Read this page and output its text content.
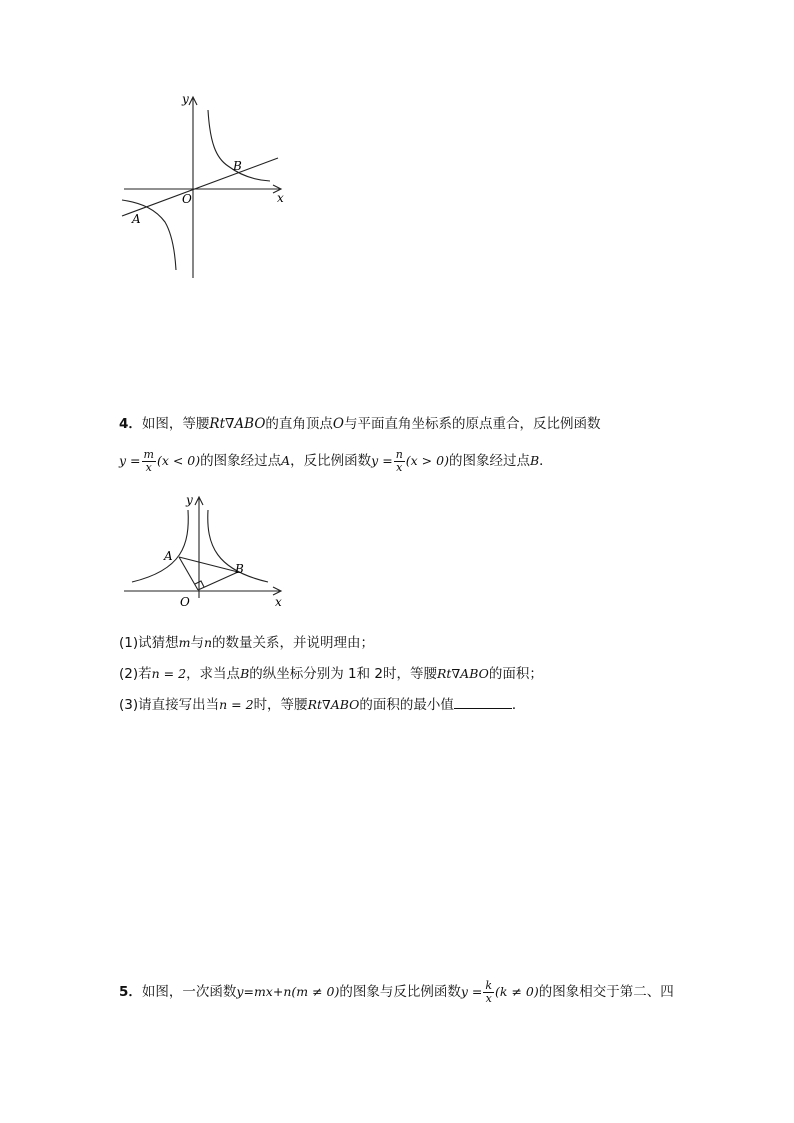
y
x
O
A
B
4．如图，等腰Rt∇ABO的直角顶点O与平面直角坐标系的原点重合，反比例函数
$y = \frac{m}{x} (x < 0)$的图象经过点A，反比例函数$y = \frac{n}{x} (x > 0)$的图象经过点B．
y
x
O
A
B
(1)试猜想m与n的数量关系，并说明理由；
(2)若n = 2，求当点B的纵坐标分别为 1和 2时，等腰Rt∇ABO的面积；
(3)请直接写出当n = 2时，等腰Rt∇ABO的面积的最小值	．
5．如图，一次函数y=mx+n(m ≠ 0)的图象与反比例函数$y = \frac{k}{x} (k \ne 0)$的图象相交于第二、四
